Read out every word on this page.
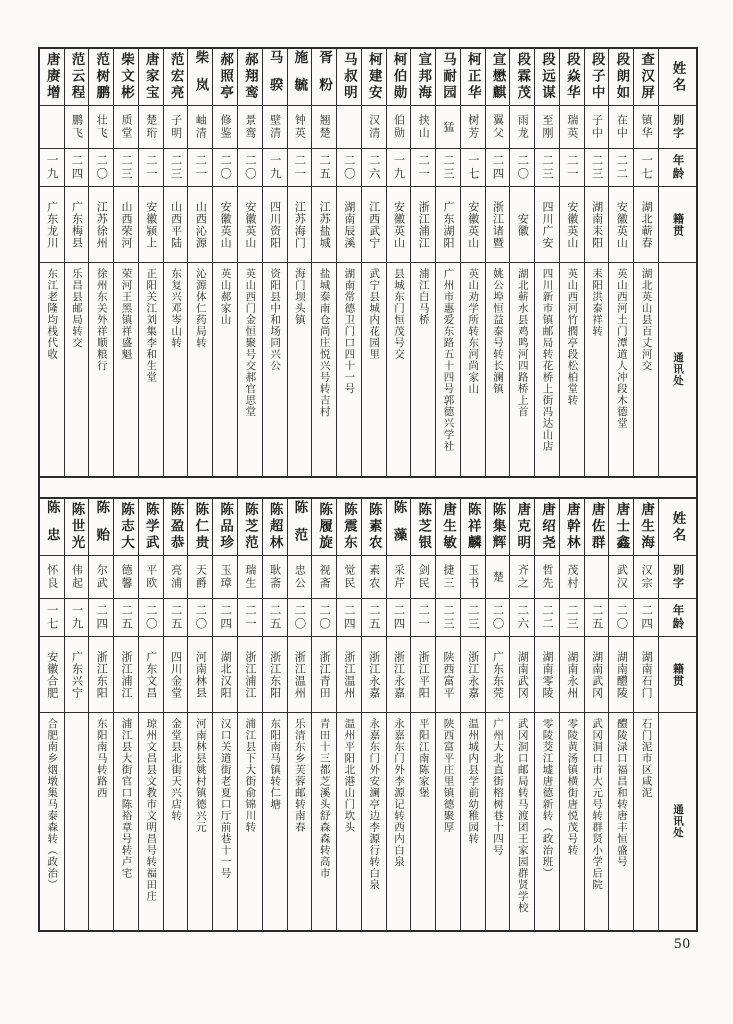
姓名
别字
年龄
籍贯
通讯处
查汉屏
镇华
一七
湖北蕲春
湖北英山县百丈河交
段朗如
在中
二二
安徽英山
英山西河土门潭道人冲段木德堂
段子中
子中
二三
湖南耒阳
耒阳洪泰祥转
段焱华
瑞英
二一
安徽英山
英山西河竹撋亭段松柏堂转
段远谋
至刚
二三
四川广安
四川新市镇邮局转花桥上街冯达山店
段霖茂
雨龙
二〇
安徽
湖北蕲水县鸡鸣河四路桥上首
宣懋麒
翼父
二四
浙江诸暨
姚公埠恒益泰号转长澜镇
柯正华
树芳
一七
安徽英山
英山劝学所转东河尚家山
马耐园
猛
二三
广东湖阳
广州市惠爱东路五十四号郭德兴学社
宣邦海
挟山
二一
浙江浦江
浦江白马桥
柯伯勋
伯勋
一九
安徽英山
县城东门恒茂号交
柯建安
汉清
二六
江西武宁
武宁县城内花园里
马叔明
二〇
湖南辰溪
湖南常德卫门口四十一号
胥粉
翘楚
二五
江苏盐城
盐城泰南仓尚庄悦兴号转吉村
施毓
钟英
二一
江苏海门
海门坝头镇
马骙
壁清
一九
四川资阳
资阳县中和场同兴公
郝翔鸾
景鸾
二〇
安徽英山
英山西门金恒聚号交郝官思堂
郝照亭
修鉴
二〇
安徽英山
英山郝家山
柴岚
岫清
二一
山西沁源
沁源体仁药局转
范宏亮
子明
二三
山西平陆
东复兴邓岑山转
唐家宝
楚珩
二一
安徽颍上
正阳关江刘集李和生堂
柴文彬
质堂
二三
山西荣河
荣河王黑镇祥盛魁
范树鹏
壮飞
二〇
江苏徐州
徐州东关外祥顺粮行
范云程
鹏飞
二四
广东梅县
乐昌县邮局转交
唐赓增
一九
广东龙川
东江老隆均栈代收
姓名
别字
年龄
籍贯
通讯处
唐生海
汉宗
二四
湖南石门
石门泥市区咸泥
唐士鑫
武汉
二〇
湖南醴陵
醴陵渌口福昌和转唐丰恒盛号
唐佐群
二五
湖南武冈
武冈洞口市大元号转群贤小学后院
唐幹林
茂村
二三
湖南永州
零陵黄汤镇横街唐悦茂号转
唐绍尧
哲先
二二
湖南零陵
零陵茭江墟唐德新转（政治班）
唐克明
齐之
二六
湖南武冈
武冈洞口邮局转马渡团王家园群贤学校
陈集辉
楚
二〇
广东东莞
广州大北直街榕树巷十四号
陈祥麟
玉书
二三
浙江永嘉
温州城内县学前幼稚园转
唐生敏
捷三
二三
陕西富平
陕西富平庄里镇德聚厚
陈芝银
剑民
二一
浙江平阳
平阳江南陈家堡
陈藻
采芹
二四
浙江永嘉
永嘉东门外李源记转西内白泉
陈素农
素农
二五
浙江永嘉
永嘉东门外安澜亭边李源行转白泉
陈震东
觉民
二四
浙江温州
温州平阳北港山门坎头
陈履旋
视斋
二〇
浙江青田
青田十三都芝溪头舒森森转高市
陈范
忠公
二〇
浙江温州
乐清东乡芙蓉邮转南春
陈超林
耿斋
二五
浙江东阳
东阳南马镇转仁塘
陈芝范
瑞生
二一
浙江浦江
浦江县下大街俞锦川转
陈品珍
玉璋
二四
湖北汉阳
汉口关道街老夏口厅前巷十一号
陈仁贵
天爵
二〇
河南林县
河南林县姚村镇德兴元
陈盈恭
亮浦
二五
四川金堂
金堂县北街天兴店转
陈学武
平欧
二〇
广东文昌
琼州文昌县文教市文明昌号转福田庄
陈志大
德馨
二五
浙江浦江
浦江县大街官口陈裕章号转卢宅
陈贻
尔武
二四
浙江东阳
东阳南马转路西
陈世光
伟起
一九
广东兴宁
陈忠
怀良
一七
安徽合肥
合肥南乡烟墩集马泰森转（政治）
50
